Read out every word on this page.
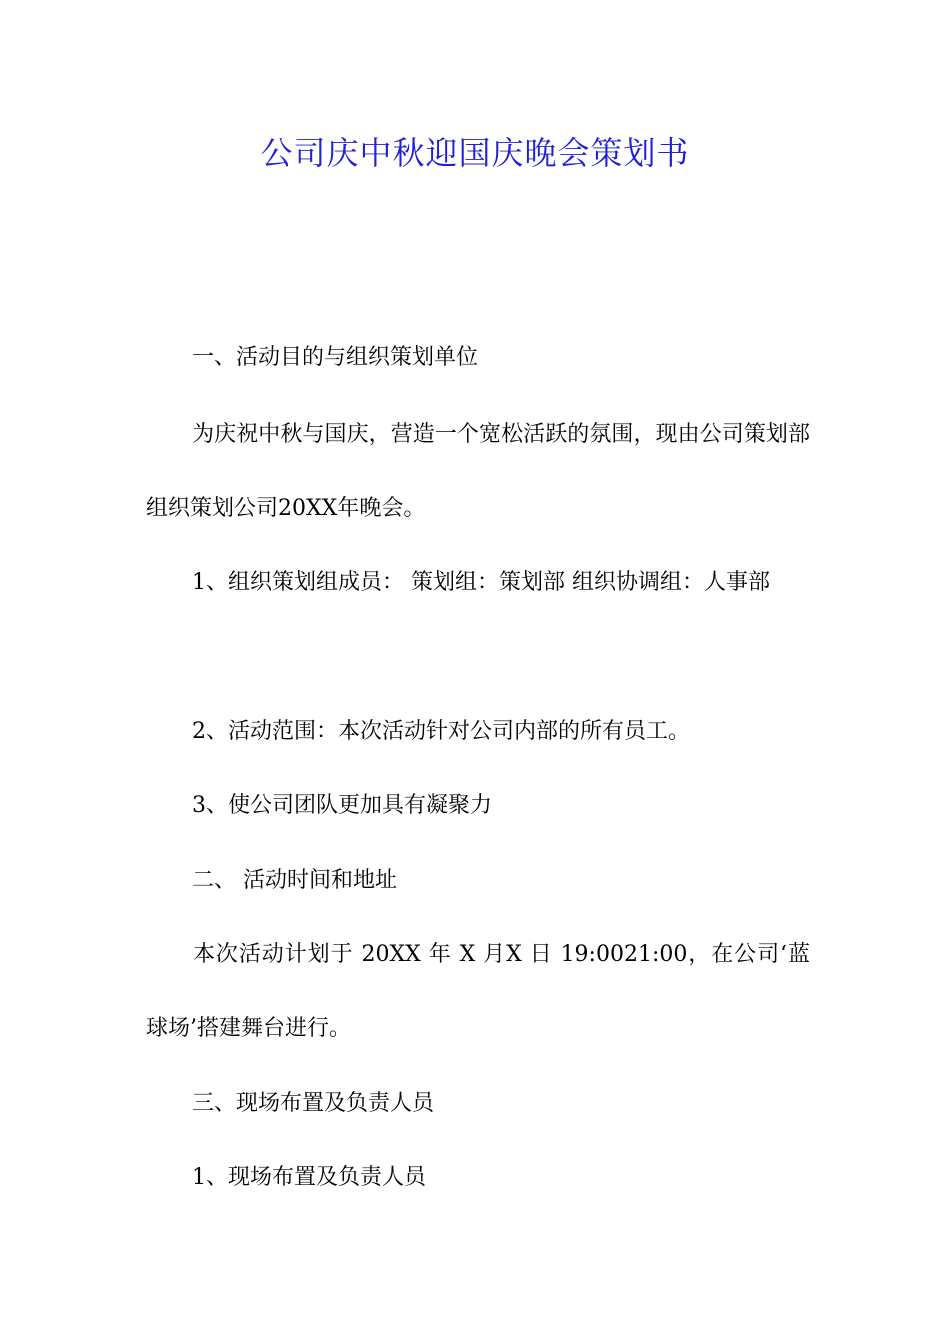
公司庆中秋迎国庆晚会策划书

一、活动目的与组织策划单位

为庆祝中秋与国庆，营造一个宽松活跃的氛围，现由公司策划部组织策划公司20XX年晚会。

1、组织策划组成员： 策划组：策划部 组织协调组：人事部

2、活动范围：本次活动针对公司内部的所有员工。

3、使公司团队更加具有凝聚力

二、 活动时间和地址

本次活动计划于 20XX 年 X 月X 日 19:0021:00，在公司‘蓝球场’搭建舞台进行。

三、现场布置及负责人员

1、现场布置及负责人员
